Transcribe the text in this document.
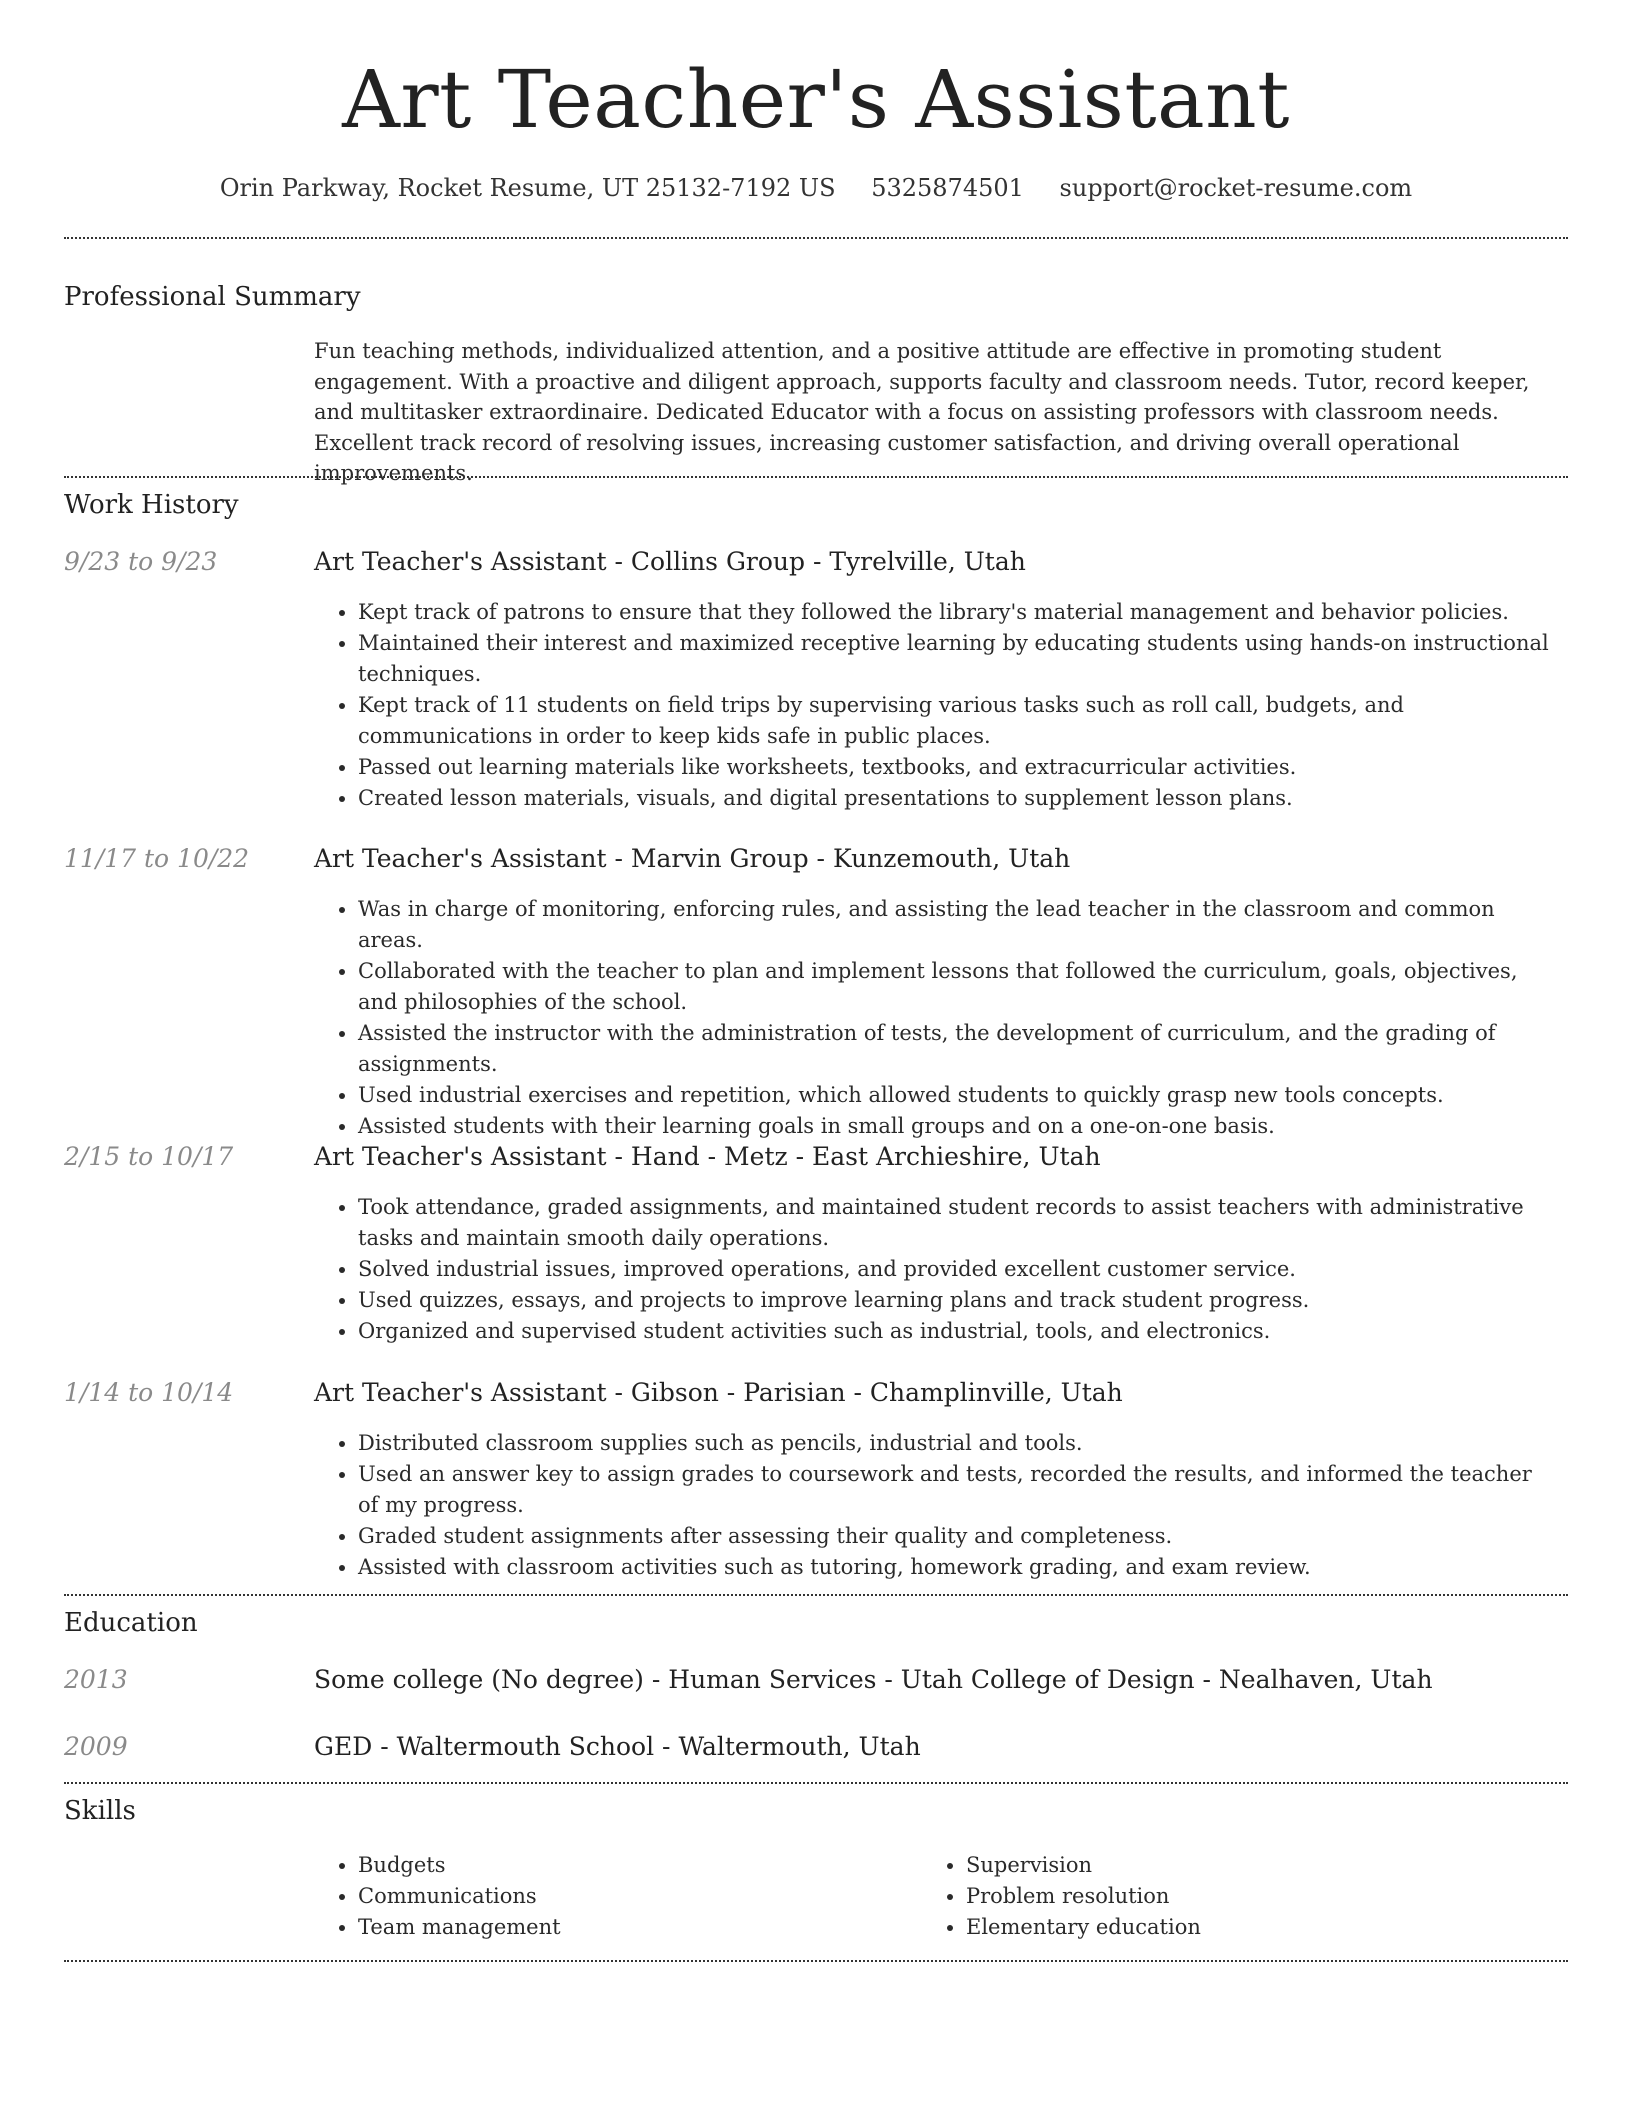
Art Teacher's Assistant
Orin Parkway, Rocket Resume, UT 25132-7192 US 5325874501 support@rocket-resume.com
Professional Summary
Fun teaching methods, individualized attention, and a positive attitude are effective in promoting student engagement. With a proactive and diligent approach, supports faculty and classroom needs. Tutor, record keeper, and multitasker extraordinaire. Dedicated Educator with a focus on assisting professors with classroom needs. Excellent track record of resolving issues, increasing customer satisfaction, and driving overall operational improvements.
Work History
9/23 to 9/23	Art Teacher's Assistant - Collins Group - Tyrelville, Utah
• Kept track of patrons to ensure that they followed the library's material management and behavior policies.
• Maintained their interest and maximized receptive learning by educating students using hands-on instructional techniques.
• Kept track of 11 students on field trips by supervising various tasks such as roll call, budgets, and communications in order to keep kids safe in public places.
• Passed out learning materials like worksheets, textbooks, and extracurricular activities.
• Created lesson materials, visuals, and digital presentations to supplement lesson plans.
11/17 to 10/22	Art Teacher's Assistant - Marvin Group - Kunzemouth, Utah
• Was in charge of monitoring, enforcing rules, and assisting the lead teacher in the classroom and common areas.
• Collaborated with the teacher to plan and implement lessons that followed the curriculum, goals, objectives, and philosophies of the school.
• Assisted the instructor with the administration of tests, the development of curriculum, and the grading of assignments.
• Used industrial exercises and repetition, which allowed students to quickly grasp new tools concepts.
• Assisted students with their learning goals in small groups and on a one-on-one basis.
2/15 to 10/17	Art Teacher's Assistant - Hand - Metz - East Archieshire, Utah
• Took attendance, graded assignments, and maintained student records to assist teachers with administrative tasks and maintain smooth daily operations.
• Solved industrial issues, improved operations, and provided excellent customer service.
• Used quizzes, essays, and projects to improve learning plans and track student progress.
• Organized and supervised student activities such as industrial, tools, and electronics.
1/14 to 10/14	Art Teacher's Assistant - Gibson - Parisian - Champlinville, Utah
• Distributed classroom supplies such as pencils, industrial and tools.
• Used an answer key to assign grades to coursework and tests, recorded the results, and informed the teacher of my progress.
• Graded student assignments after assessing their quality and completeness.
• Assisted with classroom activities such as tutoring, homework grading, and exam review.
Education
2013	Some college (No degree) - Human Services - Utah College of Design - Nealhaven, Utah
2009	GED - Waltermouth School - Waltermouth, Utah
Skills
• Budgets
• Communications
• Team management
• Supervision
• Problem resolution
• Elementary education
